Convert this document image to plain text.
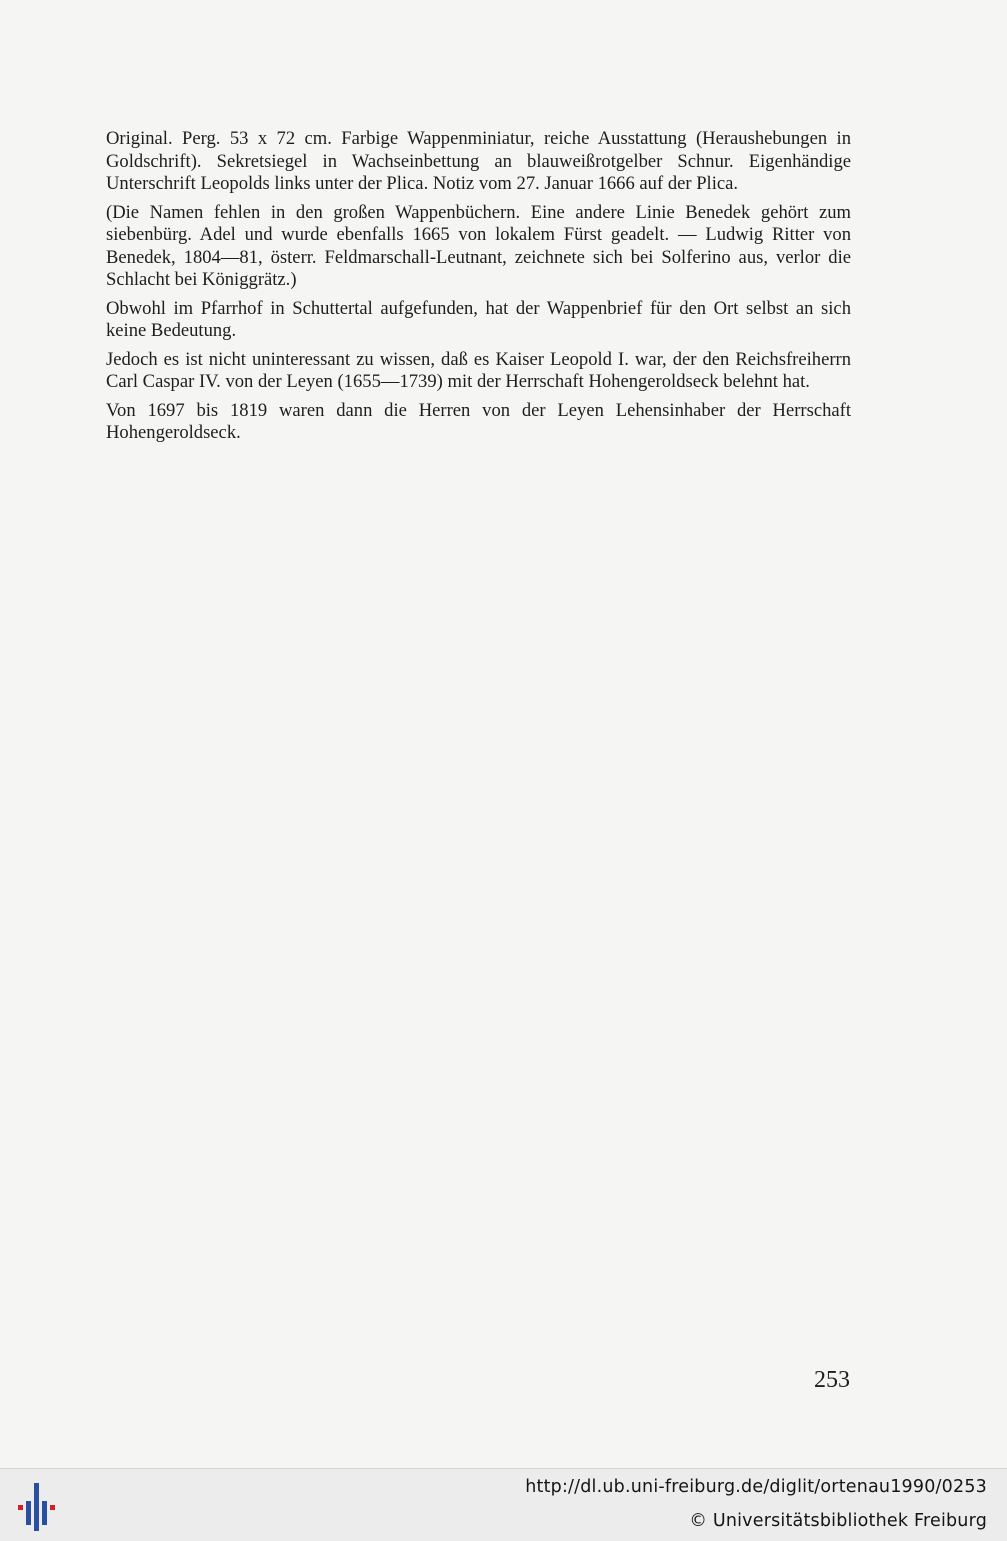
Original. Perg. 53 x 72 cm. Farbige Wappenminiatur, reiche Ausstattung (Heraushebungen in Goldschrift). Sekretsiegel in Wachseinbettung an blauweißrotgelber Schnur. Eigenhändige Unterschrift Leopolds links unter der Plica. Notiz vom 27. Januar 1666 auf der Plica.

(Die Namen fehlen in den großen Wappenbüchern. Eine andere Linie Benedek gehört zum siebenbürg. Adel und wurde ebenfalls 1665 von lokalem Fürst geadelt. — Ludwig Ritter von Benedek, 1804—81, österr. Feldmarschall-Leutnant, zeichnete sich bei Solferino aus, verlor die Schlacht bei Königgrätz.)

Obwohl im Pfarrhof in Schuttertal aufgefunden, hat der Wappenbrief für den Ort selbst an sich keine Bedeutung.

Jedoch es ist nicht uninteressant zu wissen, daß es Kaiser Leopold I. war, der den Reichsfreiherrn Carl Caspar IV. von der Leyen (1655—1739) mit der Herrschaft Hohengeroldseck belehnt hat.

Von 1697 bis 1819 waren dann die Herren von der Leyen Lehensinhaber der Herrschaft Hohengeroldseck.

253
http://dl.ub.uni-freiburg.de/diglit/ortenau1990/0253
© Universitätsbibliothek Freiburg
